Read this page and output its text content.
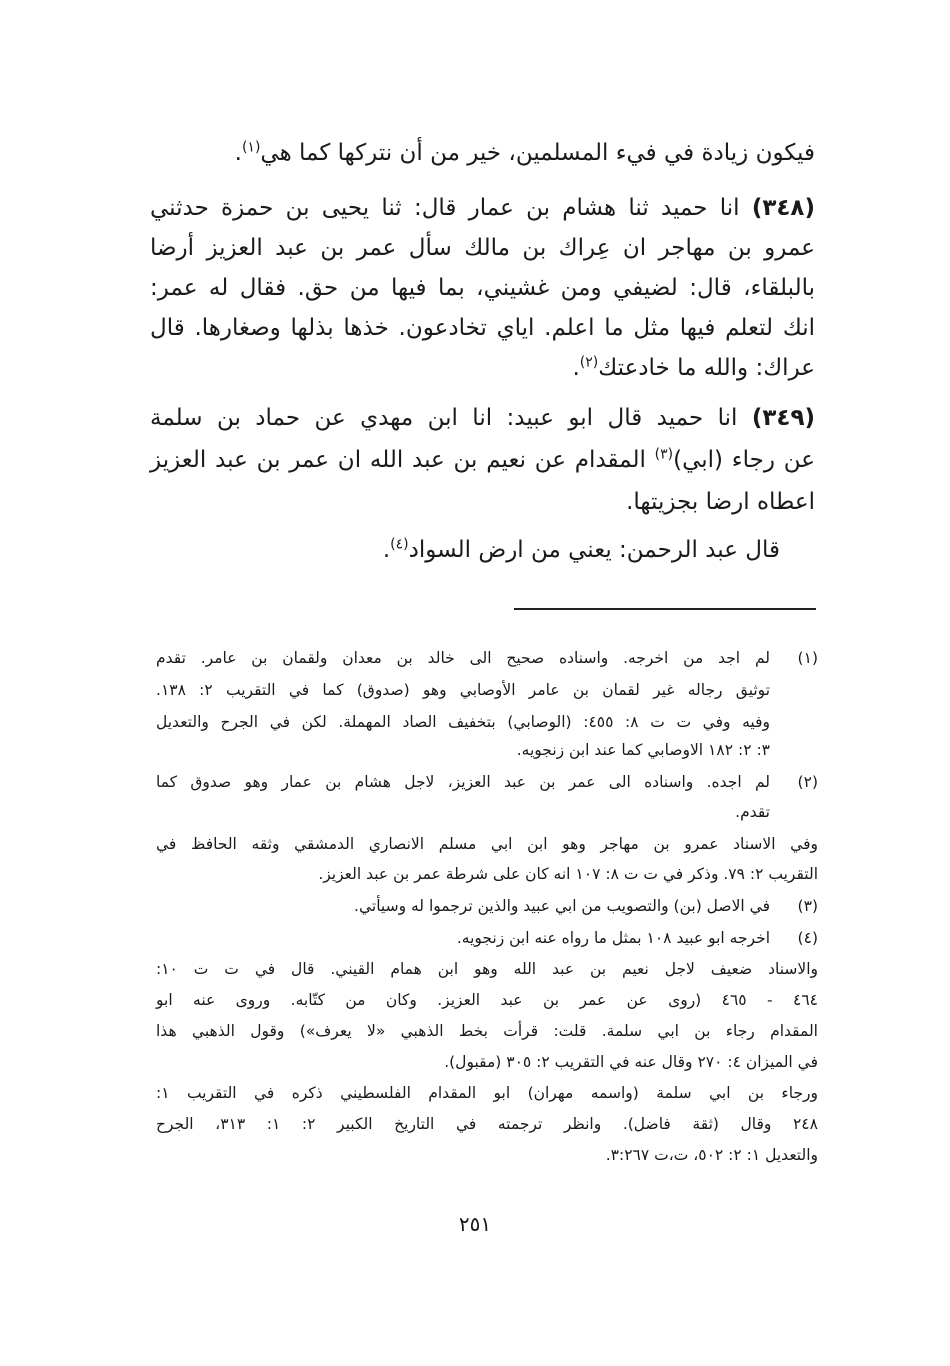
فيكون زيادة في فيء المسلمين، خير من أن نتركها كما هي$^{(١)}$.
(٣٤٨) انا حميد ثنا هشام بن عمار قال: ثنا يحيى بن حمزة حدثني
عمرو بن مهاجر ان عِراك بن مالك سأل عمر بن عبد العزيز أرضا
بالبلقاء، قال: لضيفي ومن غشيني، بما فيها من حق. فقال له عمر:
انك لتعلم فيها مثل ما اعلم. اياي تخادعون. خذها بذلها وصغارها. قال
عراك: والله ما خادعتك$^{(٢)}$.
(٣٤٩) انا حميد قال ابو عبيد: انا ابن مهدي عن حماد بن سلمة
عن رجاء (ابي)$^{(٣)}$ المقدام عن نعيم بن عبد الله ان عمر بن عبد العزيز
اعطاه ارضا بجزيتها.
قال عبد الرحمن: يعني من ارض السواد$^{(٤)}$.
(١)
لم اجد من اخرجه. واسناده صحيح الى خالد بن معدان ولقمان بن عامر. تقدم
توثيق رجاله غير لقمان بن عامر الأوصابي وهو (صدوق) كما في التقريب ٢: ١٣٨.
وفيه وفي ت ت ٨: ٤٥٥: (الوصابي) بتخفيف الصاد المهملة. لكن في الجرح والتعديل
٣: ٢: ١٨٢ الاوصابي كما عند ابن زنجويه.
(٢)
لم اجده. واسناده الى عمر بن عبد العزيز، لاجل هشام بن عمار وهو صدوق كما
تقدم.
وفي الاسناد عمرو بن مهاجر وهو ابن ابي مسلم الانصاري الدمشقي وثقه الحافظ في
التقريب ٢: ٧٩. وذكر في ت ت ٨: ١٠٧ انه كان على شرطة عمر بن عبد العزيز.
(٣)
في الاصل (بن) والتصويب من ابي عبيد والذين ترجموا له وسيأتي.
(٤)
اخرجه ابو عبيد ١٠٨ بمثل ما رواه عنه ابن زنجويه.
والاسناد ضعيف لاجل نعيم بن عبد الله وهو ابن همام القيني. قال في ت ت ١٠:
٤٦٤ - ٤٦٥ (روى عن عمر بن عبد العزيز. وكان من كتّابه. وروى عنه ابو
المقدام رجاء بن ابي سلمة. قلت: قرأت بخط الذهبي «لا يعرف») وقول الذهبي هذا
في الميزان ٤: ٢٧٠ وقال عنه في التقريب ٢: ٣٠٥ (مقبول).
ورجاء بن ابي سلمة (واسمه مهران) ابو المقدام الفلسطيني ذكره في التقريب ١:
٢٤٨ وقال (ثقة فاضل). وانظر ترجمته في التاريخ الكبير ٢: ١: ٣١٣، الجرح
والتعديل ١: ٢: ٥٠٢، ت،ت ٣:٢٦٧.
٢٥١
